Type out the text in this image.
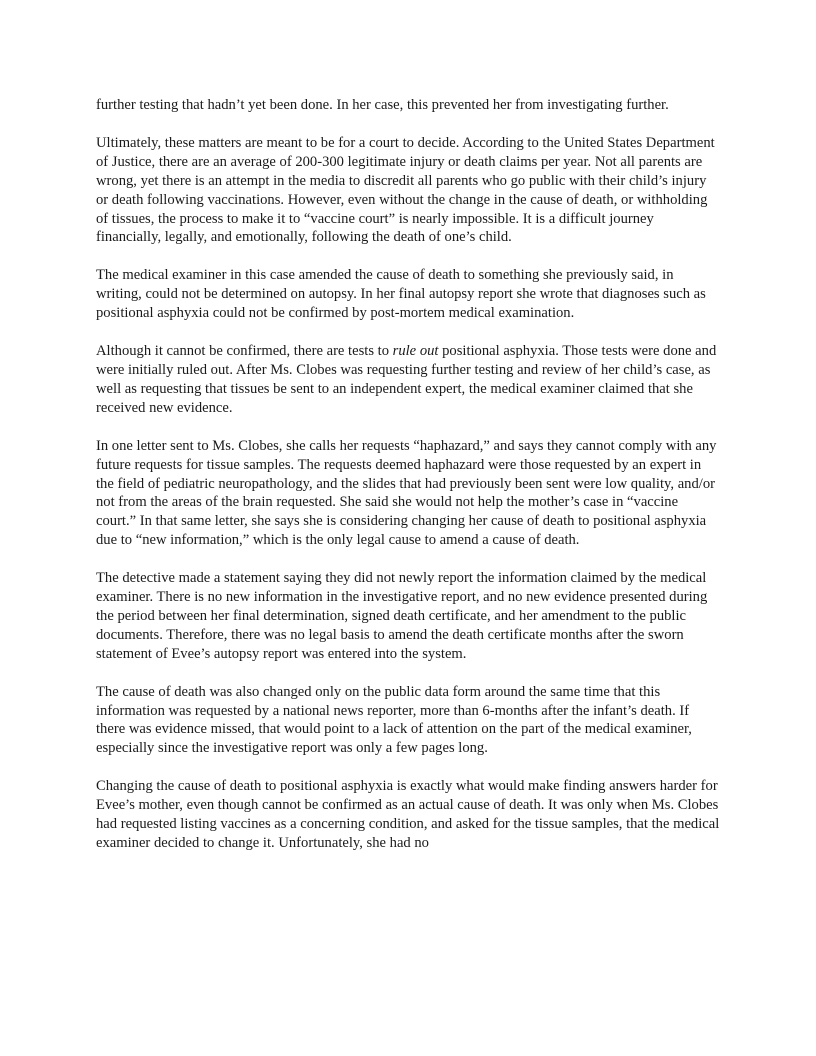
further testing that hadn’t yet been done. In her case, this prevented her from investigating further.

Ultimately, these matters are meant to be for a court to decide. According to the United States Department of Justice, there are an average of 200-300 legitimate injury or death claims per year. Not all parents are wrong, yet there is an attempt in the media to discredit all parents who go public with their child’s injury or death following vaccinations. However, even without the change in the cause of death, or withholding of tissues, the process to make it to “vaccine court” is nearly impossible. It is a difficult journey financially, legally, and emotionally, following the death of one’s child.

The medical examiner in this case amended the cause of death to something she previously said, in writing, could not be determined on autopsy. In her final autopsy report she wrote that diagnoses such as positional asphyxia could not be confirmed by post-mortem medical examination.

Although it cannot be confirmed, there are tests to rule out positional asphyxia. Those tests were done and were initially ruled out. After Ms. Clobes was requesting further testing and review of her child’s case, as well as requesting that tissues be sent to an independent expert, the medical examiner claimed that she received new evidence.

In one letter sent to Ms. Clobes, she calls her requests “haphazard,” and says they cannot comply with any future requests for tissue samples. The requests deemed haphazard were those requested by an expert in the field of pediatric neuropathology, and the slides that had previously been sent were low quality, and/or not from the areas of the brain requested. She said she would not help the mother’s case in “vaccine court.” In that same letter, she says she is considering changing her cause of death to positional asphyxia due to “new information,” which is the only legal cause to amend a cause of death.

The detective made a statement saying they did not newly report the information claimed by the medical examiner. There is no new information in the investigative report, and no new evidence presented during the period between her final determination, signed death certificate, and her amendment to the public documents. Therefore, there was no legal basis to amend the death certificate months after the sworn statement of Evee’s autopsy report was entered into the system.

The cause of death was also changed only on the public data form around the same time that this information was requested by a national news reporter, more than 6-months after the infant’s death. If there was evidence missed, that would point to a lack of attention on the part of the medical examiner, especially since the investigative report was only a few pages long.

Changing the cause of death to positional asphyxia is exactly what would make finding answers harder for Evee’s mother, even though cannot be confirmed as an actual cause of death. It was only when Ms. Clobes had requested listing vaccines as a concerning condition, and asked for the tissue samples, that the medical examiner decided to change it. Unfortunately, she had no
